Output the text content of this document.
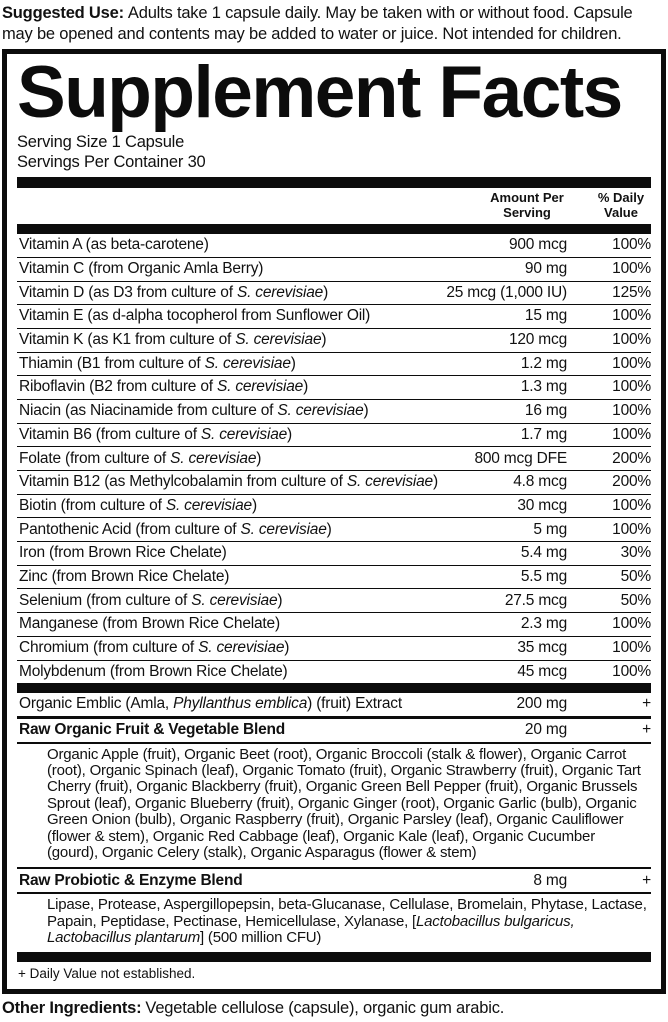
Suggested Use: Adults take 1 capsule daily. May be taken with or without food. Capsule may be opened and contents may be added to water or juice. Not intended for children.

Supplement Facts
Serving Size 1 Capsule
Servings Per Container 30
Amount Per Serving
% Daily Value
Vitamin A (as beta-carotene)	900 mcg	100%
Vitamin C (from Organic Amla Berry)	90 mg	100%
Vitamin D (as D3 from culture of S. cerevisiae)	25 mcg (1,000 IU)	125%
Vitamin E (as d-alpha tocopherol from Sunflower Oil)	15 mg	100%
Vitamin K (as K1 from culture of S. cerevisiae)	120 mcg	100%
Thiamin (B1 from culture of S. cerevisiae)	1.2 mg	100%
Riboflavin (B2 from culture of S. cerevisiae)	1.3 mg	100%
Niacin (as Niacinamide from culture of S. cerevisiae)	16 mg	100%
Vitamin B6 (from culture of S. cerevisiae)	1.7 mg	100%
Folate (from culture of S. cerevisiae)	800 mcg DFE	200%
Vitamin B12 (as Methylcobalamin from culture of S. cerevisiae)	4.8 mcg	200%
Biotin (from culture of S. cerevisiae)	30 mcg	100%
Pantothenic Acid (from culture of S. cerevisiae)	5 mg	100%
Iron (from Brown Rice Chelate)	5.4 mg	30%
Zinc (from Brown Rice Chelate)	5.5 mg	50%
Selenium (from culture of S. cerevisiae)	27.5 mcg	50%
Manganese (from Brown Rice Chelate)	2.3 mg	100%
Chromium (from culture of S. cerevisiae)	35 mcg	100%
Molybdenum (from Brown Rice Chelate)	45 mcg	100%
Organic Emblic (Amla, Phyllanthus emblica) (fruit) Extract	200 mg	+
Raw Organic Fruit & Vegetable Blend	20 mg	+
Organic Apple (fruit), Organic Beet (root), Organic Broccoli (stalk & flower), Organic Carrot (root), Organic Spinach (leaf), Organic Tomato (fruit), Organic Strawberry (fruit), Organic Tart Cherry (fruit), Organic Blackberry (fruit), Organic Green Bell Pepper (fruit), Organic Brussels Sprout (leaf), Organic Blueberry (fruit), Organic Ginger (root), Organic Garlic (bulb), Organic Green Onion (bulb), Organic Raspberry (fruit), Organic Parsley (leaf), Organic Cauliflower (flower & stem), Organic Red Cabbage (leaf), Organic Kale (leaf), Organic Cucumber (gourd), Organic Celery (stalk), Organic Asparagus (flower & stem)
Raw Probiotic & Enzyme Blend	8 mg	+
Lipase, Protease, Aspergillopepsin, beta-Glucanase, Cellulase, Bromelain, Phytase, Lactase, Papain, Peptidase, Pectinase, Hemicellulase, Xylanase, [Lactobacillus bulgaricus, Lactobacillus plantarum] (500 million CFU)
+ Daily Value not established.

Other Ingredients: Vegetable cellulose (capsule), organic gum arabic.
